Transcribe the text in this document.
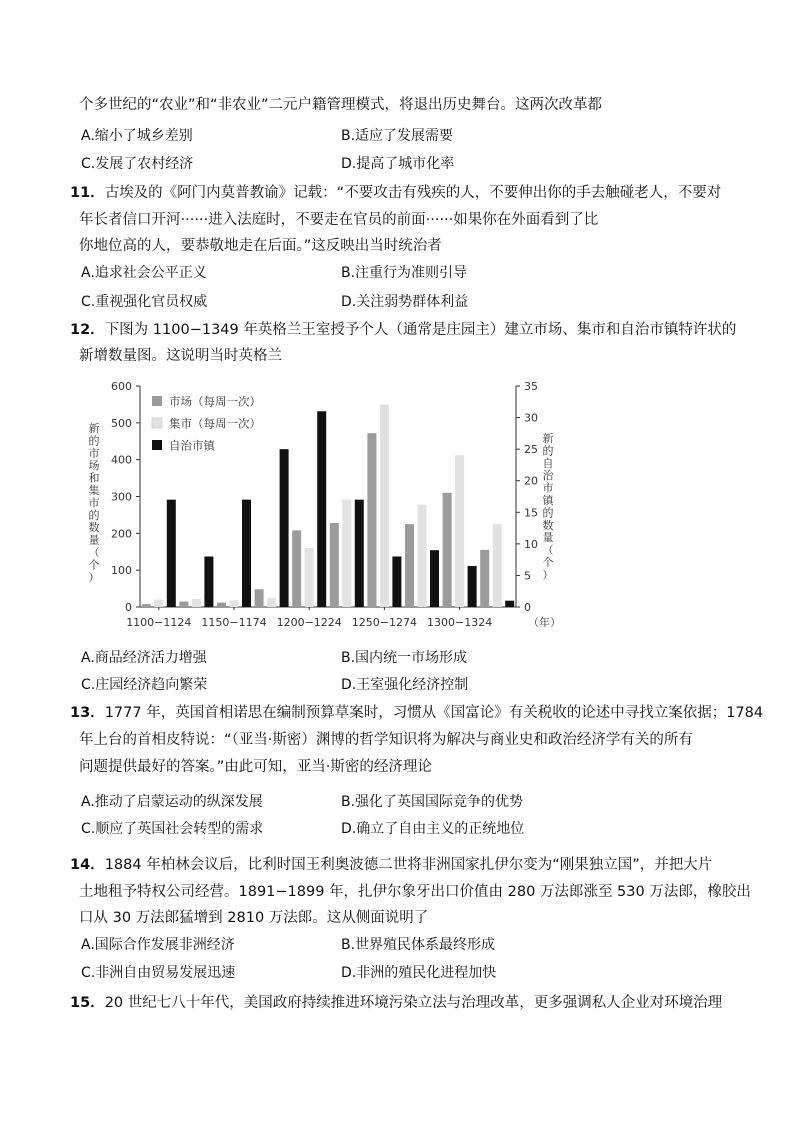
个多世纪的“农业”和“非农业”二元户籍管理模式，将退出历史舞台。这两次改革都
A.缩小了城乡差别	B.适应了发展需要
C.发展了农村经济	D.提高了城市化率
11．古埃及的《阿门内莫普教谕》记载：“不要攻击有残疾的人，不要伸出你的手去触碰老人，不要对
年长者信口开河······进入法庭时，不要走在官员的前面······如果你在外面看到了比
你地位高的人，要恭敬地走在后面。”这反映出当时统治者
A.追求社会公平正义	B.注重行为准则引导
C.重视强化官员权威	D.关注弱势群体利益
12．下图为 1100−1349 年英格兰王室授予个人（通常是庄园主）建立市场、集市和自治市镇特许状的
新增数量图。这说明当时英格兰
0
100
200
300
400
500
600
0
5
10
15
20
25
30
35
1100−1124 1150−1174 1200−1224 1250−1274 1300−1324	（年）
新的市场和集市的数量（个）
新的自治市镇的数量（个）
市场（每周一次）
集市（每周一次）
自治市镇
A.商品经济活力增强	B.国内统一市场形成
C.庄园经济趋向繁荣	D.王室强化经济控制
13．1777 年，英国首相诺思在编制预算草案时，习惯从《国富论》有关税收的论述中寻找立案依据；1784
年上台的首相皮特说：“（亚当·斯密）渊博的哲学知识将为解决与商业史和政治经济学有关的所有
问题提供最好的答案。”由此可知，亚当·斯密的经济理论
A.推动了启蒙运动的纵深发展	B.强化了英国国际竞争的优势
C.顺应了英国社会转型的需求	D.确立了自由主义的正统地位
14．1884 年柏林会议后，比利时国王利奥波德二世将非洲国家扎伊尔变为“刚果独立国”，并把大片
土地租予特权公司经营。1891−1899 年，扎伊尔象牙出口价值由 280 万法郎涨至 530 万法郎，橡胶出
口从 30 万法郎猛增到 2810 万法郎。这从侧面说明了
A.国际合作发展非洲经济	B.世界殖民体系最终形成
C.非洲自由贸易发展迅速	D.非洲的殖民化进程加快
15．20 世纪七八十年代，美国政府持续推进环境污染立法与治理改革，更多强调私人企业对环境治理
